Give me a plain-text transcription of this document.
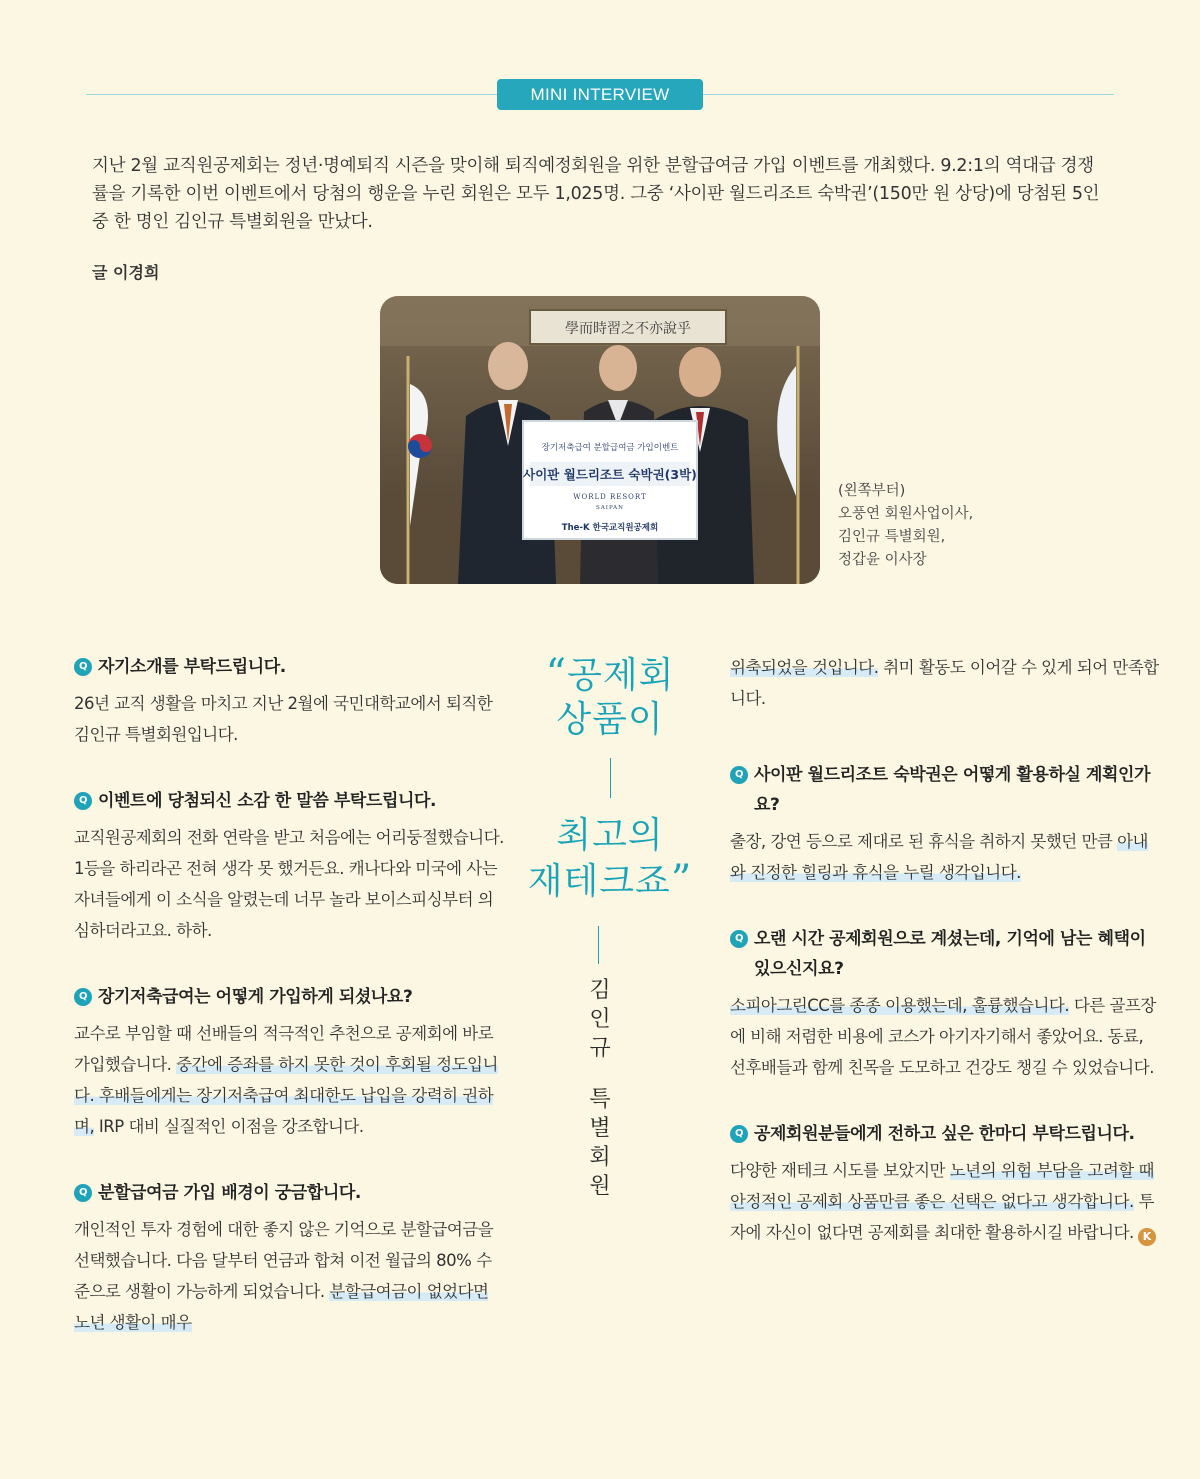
MINI INTERVIEW

지난 2월 교직원공제회는 정년·명예퇴직 시즌을 맞이해 퇴직예정회원을 위한 분할급여금 가입 이벤트를 개최했다. 9.2:1의 역대급 경쟁률을 기록한 이번 이벤트에서 당첨의 행운을 누린 회원은 모두 1,025명. 그중 ‘사이판 월드리조트 숙박권’(150만 원 상당)에 당첨된 5인 중 한 명인 김인규 특별회원을 만났다.

글 이경희
學而時習之不亦說乎
장기저축급여 분할급여금 가입이벤트
사이판 월드리조트 숙박권(3박)
WORLD RESORT
SAIPAN
The-K 한국교직원공제회
(왼쪽부터)
오풍연 회원사업이사,
김인규 특별회원,
정갑윤 이사장
Q 자기소개를 부탁드립니다.
26년 교직 생활을 마치고 지난 2월에 국민대학교에서 퇴직한 김인규 특별회원입니다.
Q 이벤트에 당첨되신 소감 한 말씀 부탁드립니다.
교직원공제회의 전화 연락을 받고 처음에는 어리둥절했습니다. 1등을 하리라곤 전혀 생각 못 했거든요. 캐나다와 미국에 사는 자녀들에게 이 소식을 알렸는데 너무 놀라 보이스피싱부터 의심하더라고요. 하하.
Q 장기저축급여는 어떻게 가입하게 되셨나요?
교수로 부임할 때 선배들의 적극적인 추천으로 공제회에 바로 가입했습니다. 중간에 증좌를 하지 못한 것이 후회될 정도입니다. 후배들에게는 장기저축급여 최대한도 납입을 강력히 권하며, IRP 대비 실질적인 이점을 강조합니다.
Q 분할급여금 가입 배경이 궁금합니다.
개인적인 투자 경험에 대한 좋지 않은 기억으로 분할급여금을 선택했습니다. 다음 달부터 연금과 합쳐 이전 월급의 80% 수준으로 생활이 가능하게 되었습니다. 분할급여금이 없었다면 노년 생활이 매우
“공제회
상품이
최고의
재테크죠”
김
인
규
특
별
회
원
위축되었을 것입니다. 취미 활동도 이어갈 수 있게 되어 만족합니다.
Q 사이판 월드리조트 숙박권은 어떻게 활용하실 계획인가요?
출장, 강연 등으로 제대로 된 휴식을 취하지 못했던 만큼 아내와 진정한 힐링과 휴식을 누릴 생각입니다.
Q 오랜 시간 공제회원으로 계셨는데, 기억에 남는 혜택이 있으신지요?
소피아그린CC를 종종 이용했는데, 훌륭했습니다. 다른 골프장에 비해 저렴한 비용에 코스가 아기자기해서 좋았어요. 동료, 선후배들과 함께 친목을 도모하고 건강도 챙길 수 있었습니다.
Q 공제회원분들에게 전하고 싶은 한마디 부탁드립니다.
다양한 재테크 시도를 보았지만 노년의 위험 부담을 고려할 때 안정적인 공제회 상품만큼 좋은 선택은 없다고 생각합니다. 투자에 자신이 없다면 공제회를 최대한 활용하시길 바랍니다. K
